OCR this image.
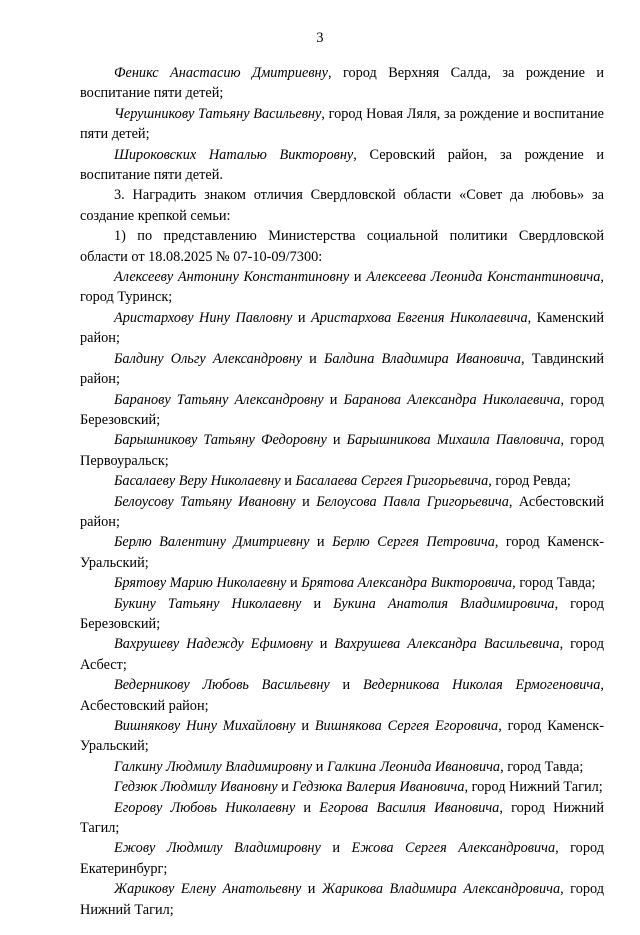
3

Феникс Анастасию Дмитриевну, город Верхняя Салда, за рождение и воспитание пяти детей;

Черушникову Татьяну Васильевну, город Новая Ляля, за рождение и воспитание пяти детей;

Широковских Наталью Викторовну, Серовский район, за рождение и воспитание пяти детей.

3. Наградить знаком отличия Свердловской области «Совет да любовь» за создание крепкой семьи:

1) по представлению Министерства социальной политики Свердловской области от 18.08.2025 № 07-10-09/7300:

Алексееву Антонину Константиновну и Алексеева Леонида Константиновича, город Туринск;

Аристархову Нину Павловну и Аристархова Евгения Николаевича, Каменский район;

Балдину Ольгу Александровну и Балдина Владимира Ивановича, Тавдинский район;

Баранову Татьяну Александровну и Баранова Александра Николаевича, город Березовский;

Барышникову Татьяну Федоровну и Барышникова Михаила Павловича, город Первоуральск;

Басалаеву Веру Николаевну и Басалаева Сергея Григорьевича, город Ревда;

Белоусову Татьяну Ивановну и Белоусова Павла Григорьевича, Асбестовский район;

Берлю Валентину Дмитриевну и Берлю Сергея Петровича, город Каменск-Уральский;

Брятову Марию Николаевну и Брятова Александра Викторовича, город Тавда;

Букину Татьяну Николаевну и Букина Анатолия Владимировича, город Березовский;

Вахрушеву Надежду Ефимовну и Вахрушева Александра Васильевича, город Асбест;

Ведерникову Любовь Васильевну и Ведерникова Николая Ермогеновича, Асбестовский район;

Вишнякову Нину Михайловну и Вишнякова Сергея Егоровича, город Каменск-Уральский;

Галкину Людмилу Владимировну и Галкина Леонида Ивановича, город Тавда;

Гедзюк Людмилу Ивановну и Гедзюка Валерия Ивановича, город Нижний Тагил;

Егорову Любовь Николаевну и Егорова Василия Ивановича, город Нижний Тагил;

Ежову Людмилу Владимировну и Ежова Сергея Александровича, город Екатеринбург;

Жарикову Елену Анатольевну и Жарикова Владимира Александровича, город Нижний Тагил;
